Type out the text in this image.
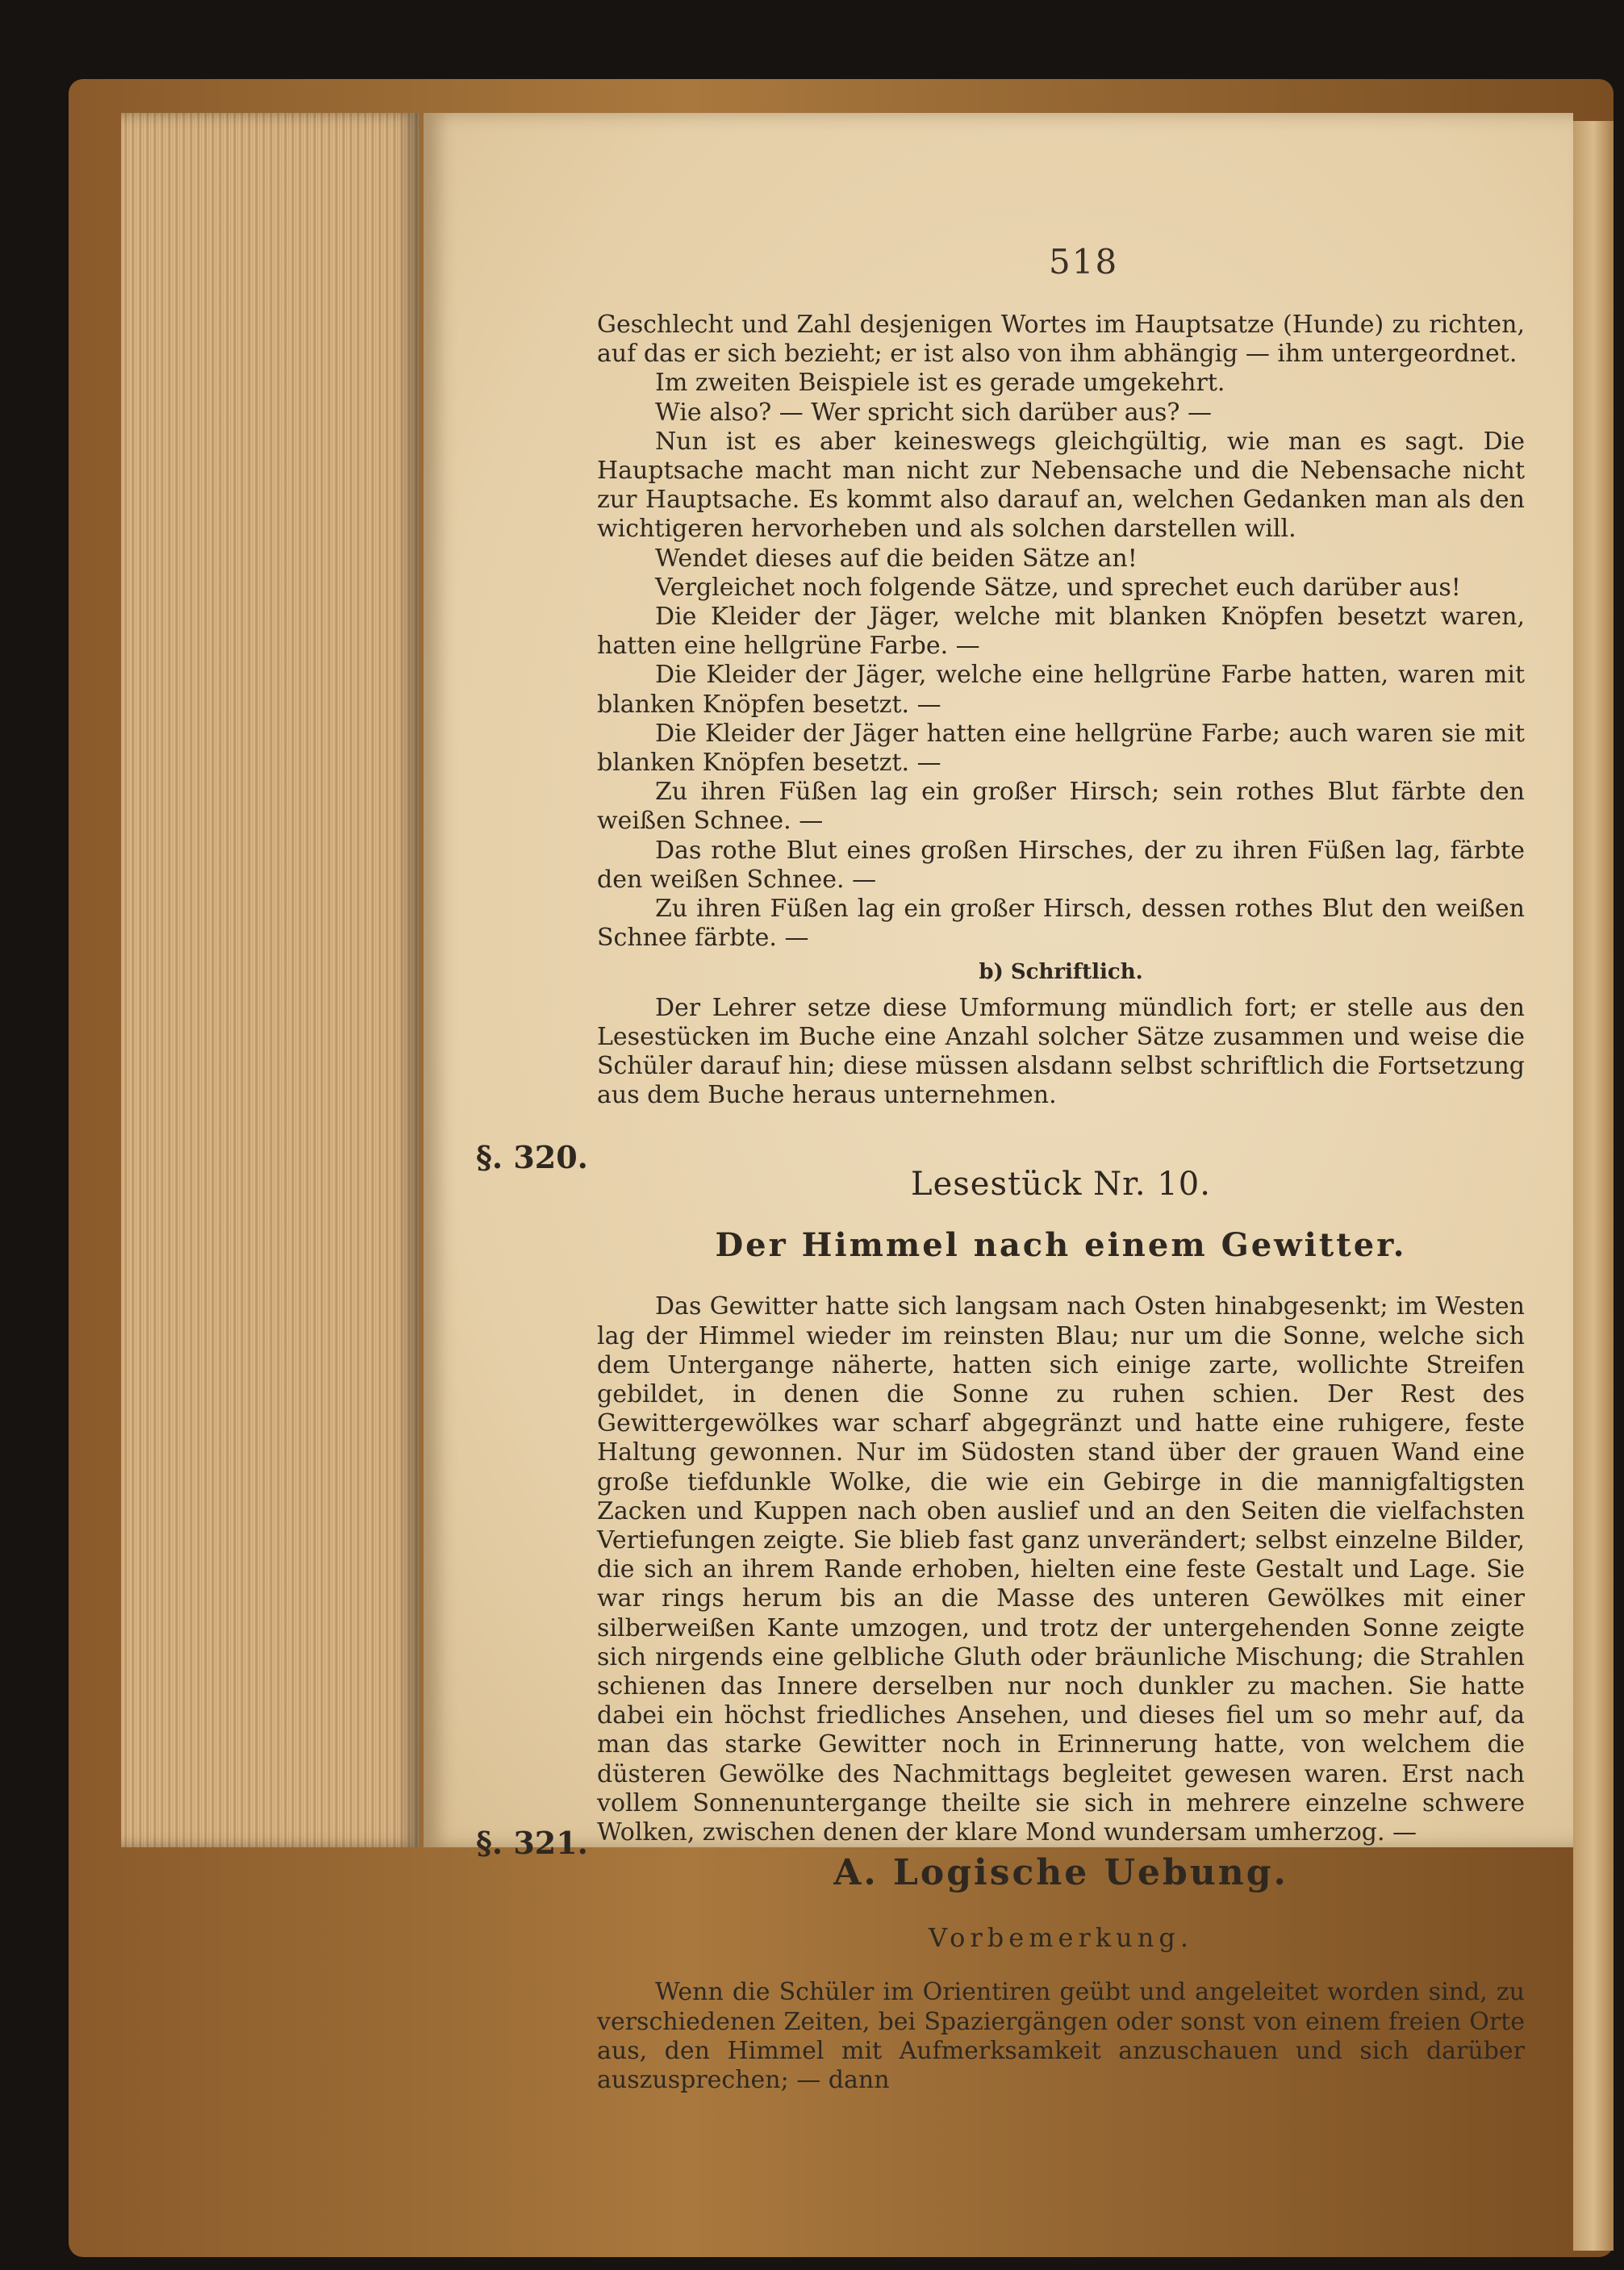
518

Geschlecht und Zahl desjenigen Wortes im Hauptsatze (Hunde) zu richten, auf das er sich bezieht; er ist also von ihm abhängig — ihm untergeordnet.

Im zweiten Beispiele ist es gerade umgekehrt.

Wie also? — Wer spricht sich darüber aus? —

Nun ist es aber keineswegs gleichgültig, wie man es sagt. Die Hauptsache macht man nicht zur Nebensache und die Nebensache nicht zur Hauptsache. Es kommt also darauf an, welchen Gedanken man als den wichtigeren hervorheben und als solchen darstellen will.

Wendet dieses auf die beiden Sätze an!

Vergleichet noch folgende Sätze, und sprechet euch darüber aus!

Die Kleider der Jäger, welche mit blanken Knöpfen besetzt waren, hatten eine hellgrüne Farbe. —

Die Kleider der Jäger, welche eine hellgrüne Farbe hatten, waren mit blanken Knöpfen besetzt. —

Die Kleider der Jäger hatten eine hellgrüne Farbe; auch waren sie mit blanken Knöpfen besetzt. —

Zu ihren Füßen lag ein großer Hirsch; sein rothes Blut färbte den weißen Schnee. —

Das rothe Blut eines großen Hirsches, der zu ihren Füßen lag, färbte den weißen Schnee. —

Zu ihren Füßen lag ein großer Hirsch, dessen rothes Blut den weißen Schnee färbte. —

b) Schriftlich.

Der Lehrer setze diese Umformung mündlich fort; er stelle aus den Lesestücken im Buche eine Anzahl solcher Sätze zusammen und weise die Schüler darauf hin; diese müssen alsdann selbst schriftlich die Fortsetzung aus dem Buche heraus unternehmen.

§. 320.

Lesestück Nr. 10.

Der Himmel nach einem Gewitter.

Das Gewitter hatte sich langsam nach Osten hinabgesenkt; im Westen lag der Himmel wieder im reinsten Blau; nur um die Sonne, welche sich dem Untergange näherte, hatten sich einige zarte, wollichte Streifen gebildet, in denen die Sonne zu ruhen schien. Der Rest des Gewittergewölkes war scharf abgegränzt und hatte eine ruhigere, feste Haltung gewonnen. Nur im Südosten stand über der grauen Wand eine große tiefdunkle Wolke, die wie ein Gebirge in die mannigfaltigsten Zacken und Kuppen nach oben auslief und an den Seiten die vielfachsten Vertiefungen zeigte. Sie blieb fast ganz unverändert; selbst einzelne Bilder, die sich an ihrem Rande erhoben, hielten eine feste Gestalt und Lage. Sie war rings herum bis an die Masse des unteren Gewölkes mit einer silberweißen Kante umzogen, und trotz der untergehenden Sonne zeigte sich nirgends eine gelbliche Gluth oder bräunliche Mischung; die Strahlen schienen das Innere derselben nur noch dunkler zu machen. Sie hatte dabei ein höchst friedliches Ansehen, und dieses fiel um so mehr auf, da man das starke Gewitter noch in Erinnerung hatte, von welchem die düsteren Gewölke des Nachmittags begleitet gewesen waren. Erst nach vollem Sonnenuntergange theilte sie sich in mehrere einzelne schwere Wolken, zwischen denen der klare Mond wundersam umherzog. —

§. 321.

A. Logische Uebung.

Vorbemerkung.

Wenn die Schüler im Orientiren geübt und angeleitet worden sind, zu verschiedenen Zeiten, bei Spaziergängen oder sonst von einem freien Orte aus, den Himmel mit Aufmerksamkeit anzuschauen und sich darüber auszusprechen; — dann
